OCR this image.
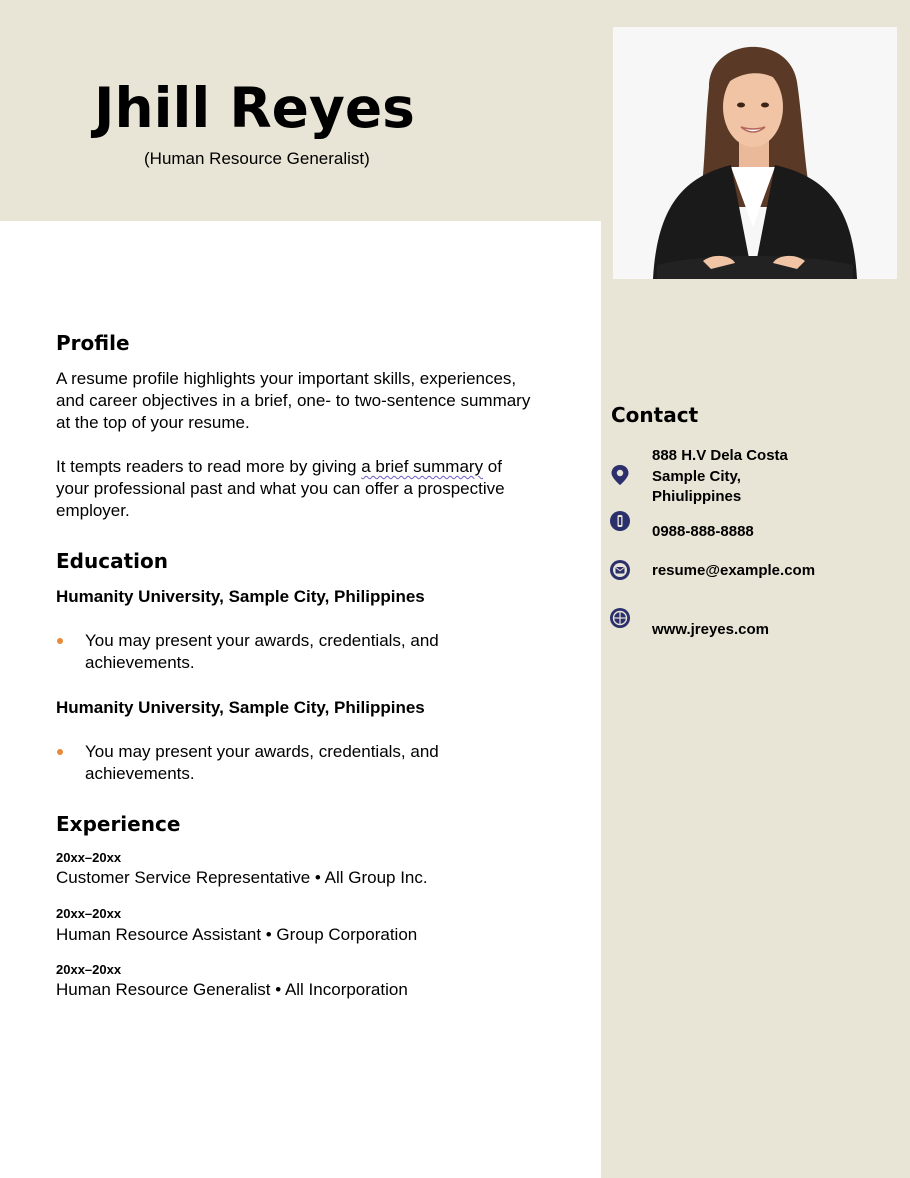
Jhill Reyes
(Human Resource Generalist)
Profile

A resume profile highlights your important skills, experiences, and career objectives in a brief, one- to two-sentence summary at the top of your resume.

It tempts readers to read more by giving a brief summary of your professional past and what you can offer a prospective employer.

Education
Humanity University, Sample City, Philippines
You may present your awards, credentials, and achievements.
Humanity University, Sample City, Philippines
You may present your awards, credentials, and achievements.
Experience
20xx–20xx
Customer Service Representative • All Group Inc.
20xx–20xx
Human Resource Assistant • Group Corporation
20xx–20xx
Human Resource Generalist • All Incorporation
Contact
888 H.V Dela Costa
Sample City,
Phiulippines
0988-888-8888
resume@example.com
www.jreyes.com
